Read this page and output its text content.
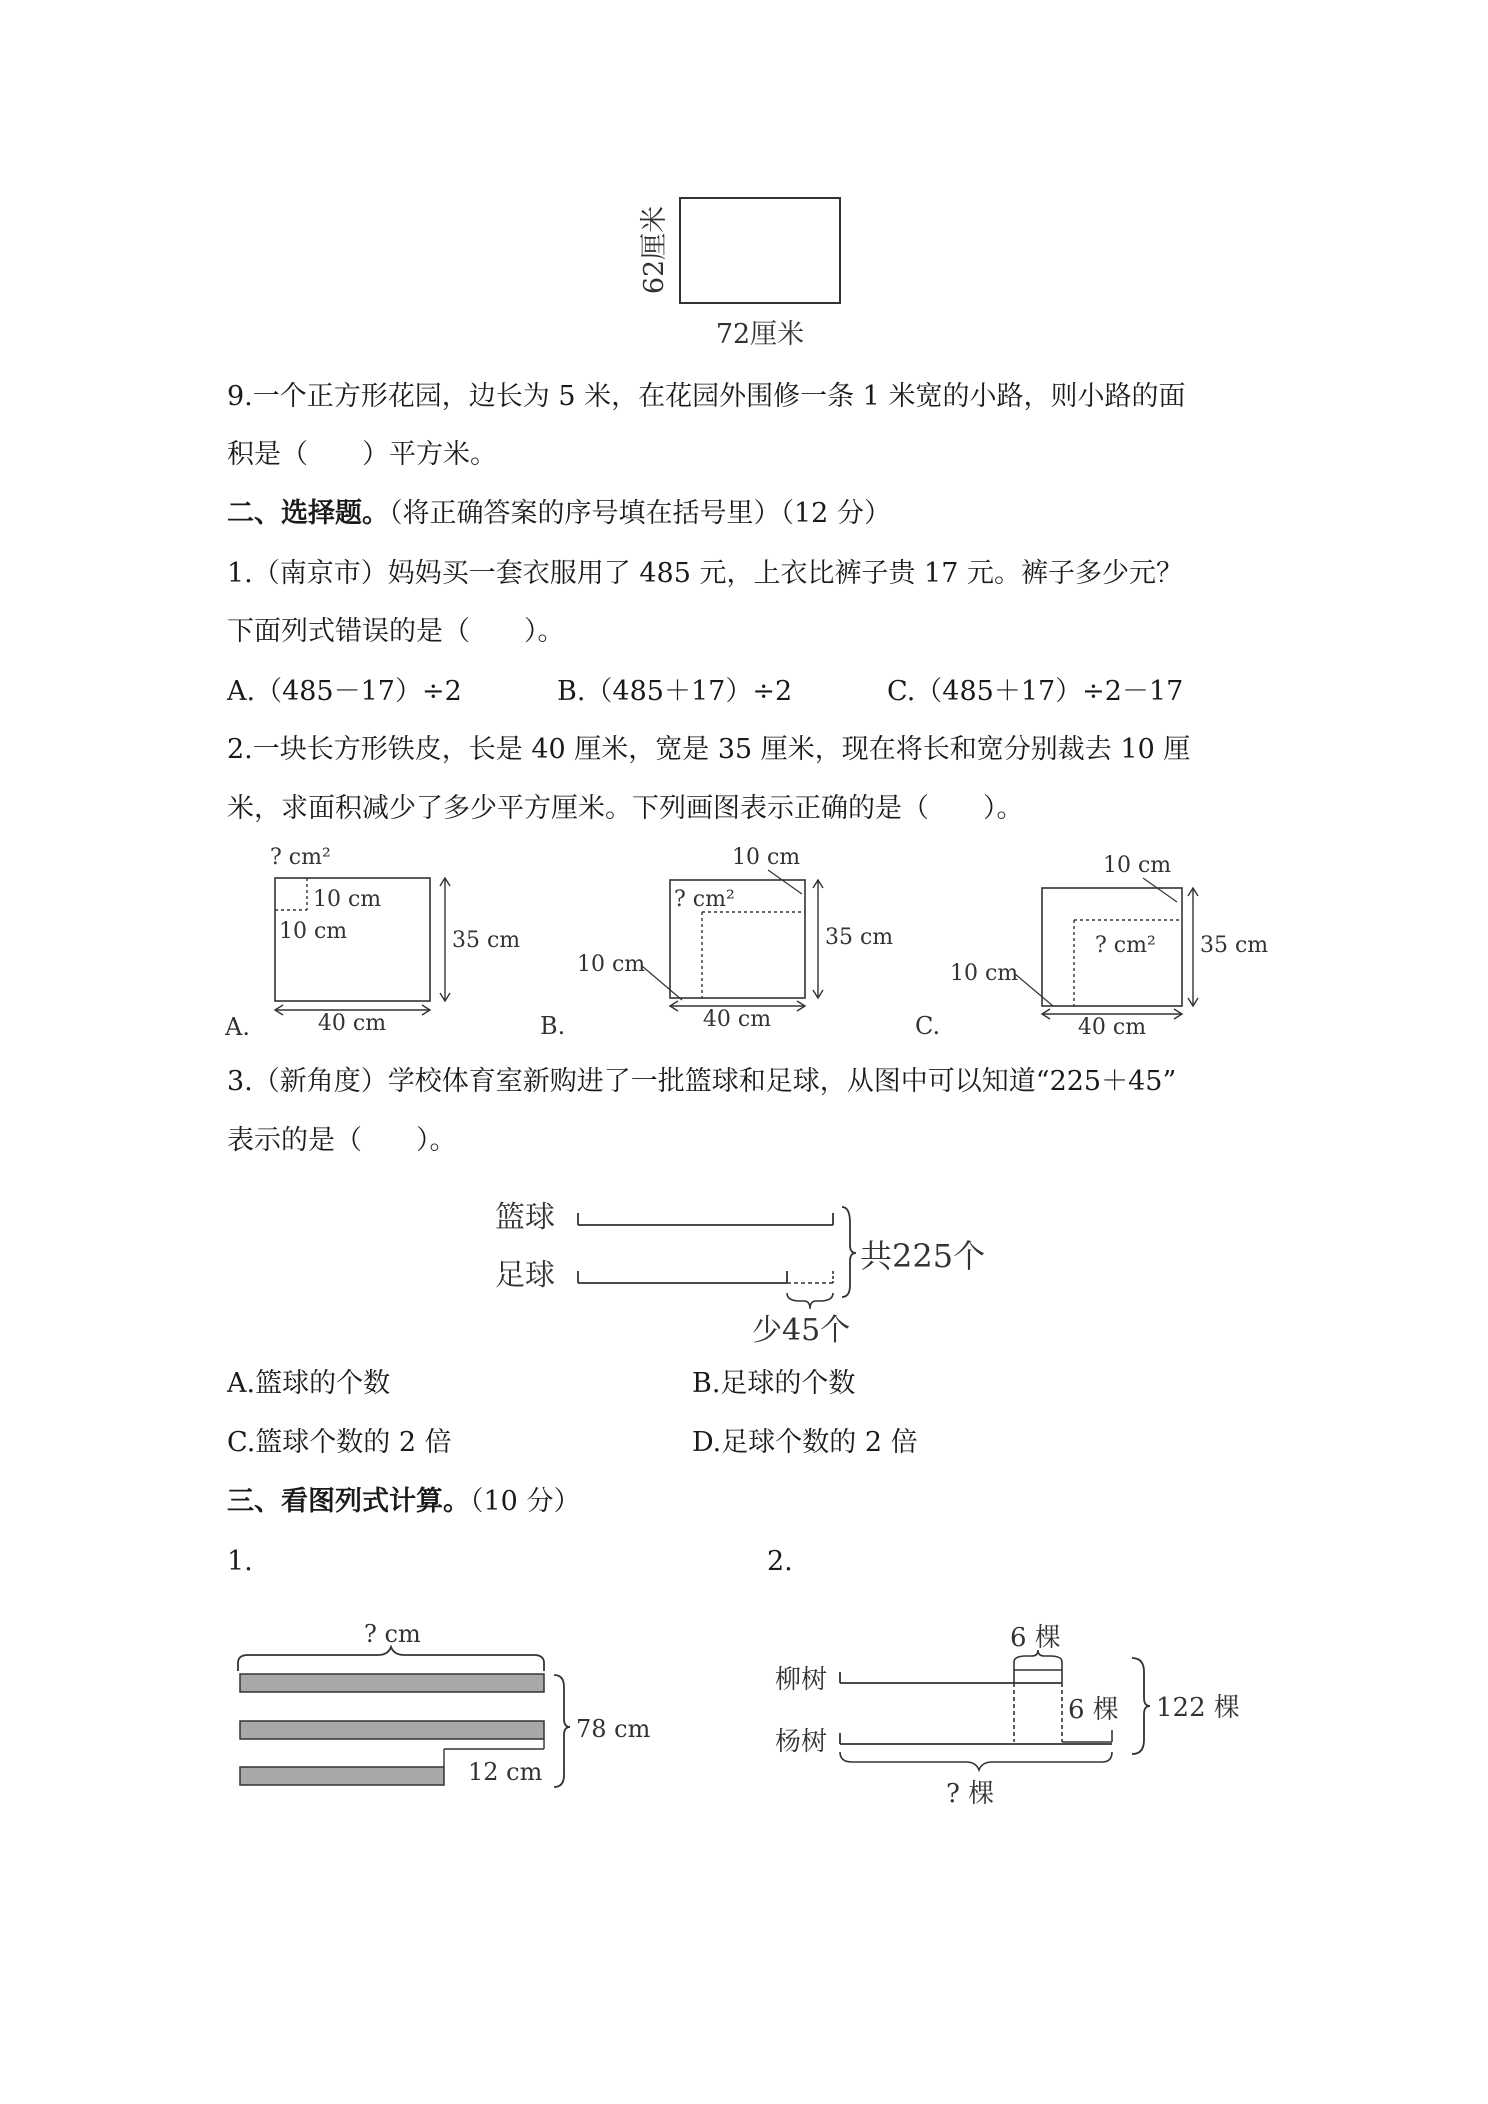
62厘米
72厘米
9.一个正方形花园，边长为 5 米，在花园外围修一条 1 米宽的小路，则小路的面
积是（　　）平方米。
二、选择题。（将正确答案的序号填在括号里）（12 分）
1.（南京市）妈妈买一套衣服用了 485 元，上衣比裤子贵 17 元。裤子多少元？
下面列式错误的是（　　）。
A.（485－17）÷2	B.（485＋17）÷2	C.（485＋17）÷2－17
2.一块长方形铁皮，长是 40 厘米，宽是 35 厘米，现在将长和宽分别裁去 10 厘
米，求面积减少了多少平方厘米。下列画图表示正确的是（　　）。
? cm²
10 cm
10 cm	35 cm
40 cm
A.
10 cm
? cm²
35 cm
10 cm
40 cm
B.
10 cm
? cm² 35 cm
10 cm
40 cm
C.
3.（新角度）学校体育室新购进了一批篮球和足球，从图中可以知道“225＋45”
表示的是（　　）。
篮球
足球
共225个
少45个
A.篮球的个数	B.足球的个数
C.篮球个数的 2 倍	D.足球个数的 2 倍
三、看图列式计算。（10 分）
1.	2.
? cm
12 cm
78 cm
6 棵
柳树
杨树
6 棵
? 棵
122 棵
